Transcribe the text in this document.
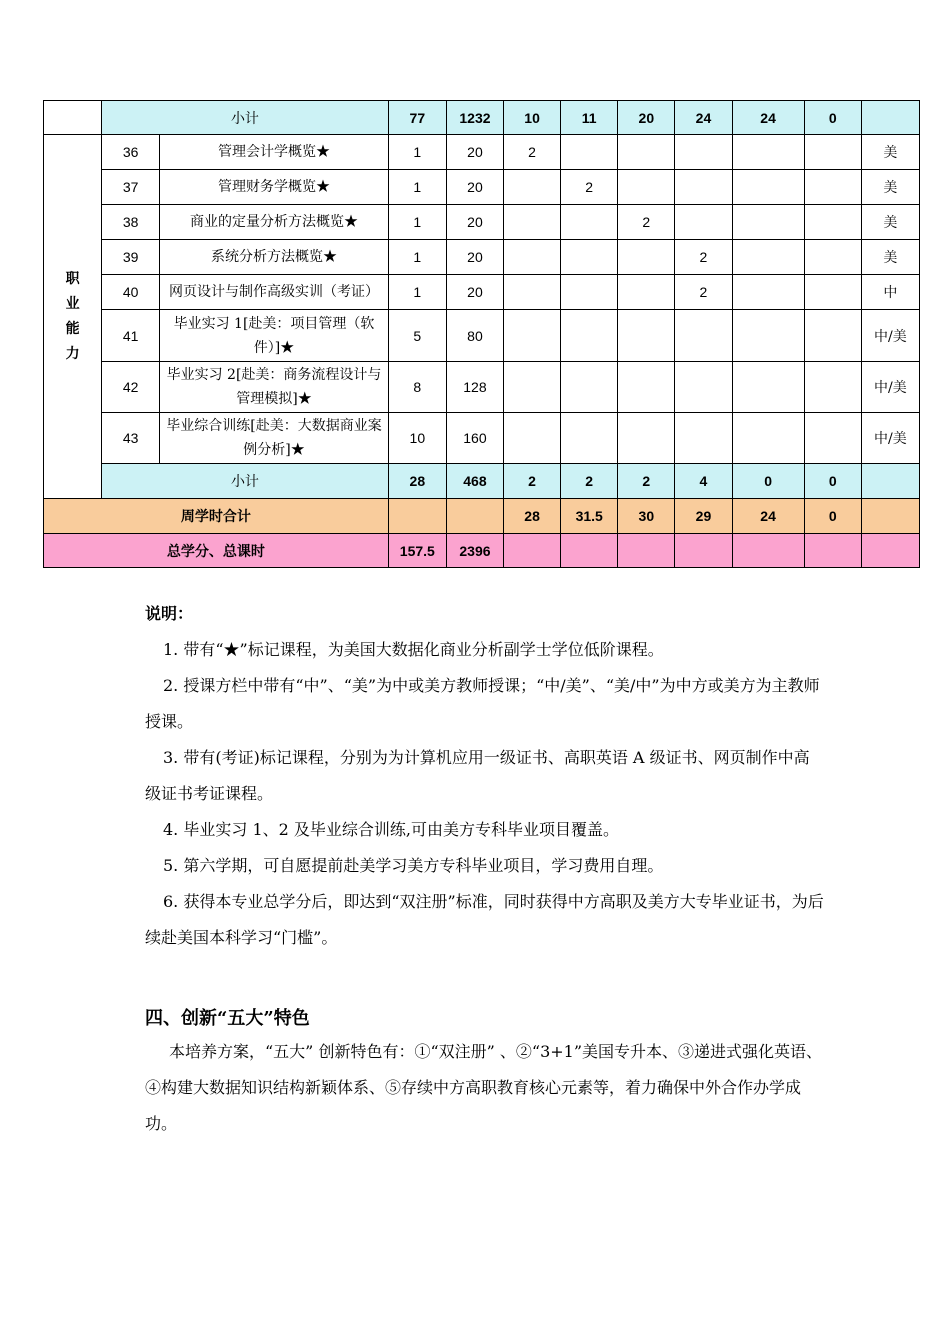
	小计		77	1232	10	11	20	24	24	0	

职
业
能
力	36	管理会计学概览★	1	20	2						美
	37	管理财务学概览★	1	20		2					美
	38	商业的定量分析方法概览★	1	20			2				美
	39	系统分析方法概览★	1	20				2			美
	40	网页设计与制作高级实训（考证）	1	20				2			中
	41	毕业实习 1[赴美：项目管理（软件）]★	5	80							中/美
	42	毕业实习 2[赴美：商务流程设计与管理模拟]★	8	128							中/美
	43	毕业综合训练[赴美：大数据商业案例分析]★	10	160							中/美
	小计		28	468	2	2	2	4	0	0	
周学时合计					28	31.5	30	29	24	0	
总学分、总课时			157.5	2396							

说明：

1. 带有“★”标记课程，为美国大数据化商业分析副学士学位低阶课程。

2. 授课方栏中带有“中”、“美”为中或美方教师授课；“中/美”、“美/中”为中方或美方为主教师授课。

3. 带有(考证)标记课程，分别为为计算机应用一级证书、高职英语 A 级证书、网页制作中高级证书考证课程。

4. 毕业实习 1、2 及毕业综合训练,可由美方专科毕业项目覆盖。

5. 第六学期，可自愿提前赴美学习美方专科毕业项目，学习费用自理。

6. 获得本专业总学分后，即达到“双注册”标准，同时获得中方高职及美方大专毕业证书，为后续赴美国本科学习“门槛”。

四、创新“五大”特色

本培养方案，“五大” 创新特色有：①“双注册” 、②“3+1”美国专升本、③递进式强化英语、④构建大数据知识结构新颖体系、⑤存续中方高职教育核心元素等，着力确保中外合作办学成功。
